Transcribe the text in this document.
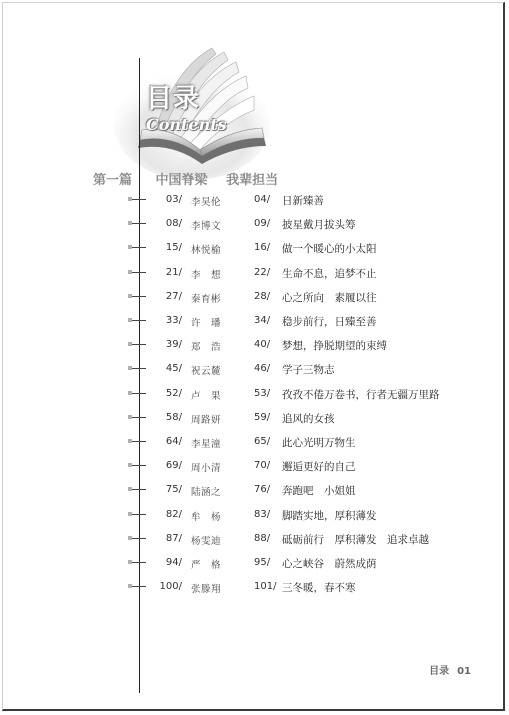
目录
Contents
第一篇 中国脊梁 我辈担当
03/ 李昊伦	04/	日新臻善
08/ 李博文	09/	披星戴月拔头筹
15/ 林悦榆	16/	做一个暖心的小太阳
21/ 李　想	22/	生命不息，追梦不止
27/ 秦育彬	28/	心之所向　素履以往
33/ 许　璠	34/	稳步前行，日臻至善
39/ 郑　浩	40/	梦想，挣脱期望的束缚
45/ 祝云麓	46/	学子三物志
52/ 卢　果	53/	孜孜不倦万卷书，行者无疆万里路
58/ 周路妍	59/	追风的女孩
64/ 李星潼	65/	此心光明万物生
69/ 周小清	70/	邂逅更好的自己
75/ 陆涵之	76/	奔跑吧　小姐姐
82/ 牟　杨	83/	脚踏实地，厚积薄发
87/ 杨雯迪	88/	砥砺前行　厚积薄发　追求卓越
94/ 严　格	95/	心之峡谷　蔚然成荫
100/ 张滕翔	101/ 三冬暖，春不寒
目录 01
